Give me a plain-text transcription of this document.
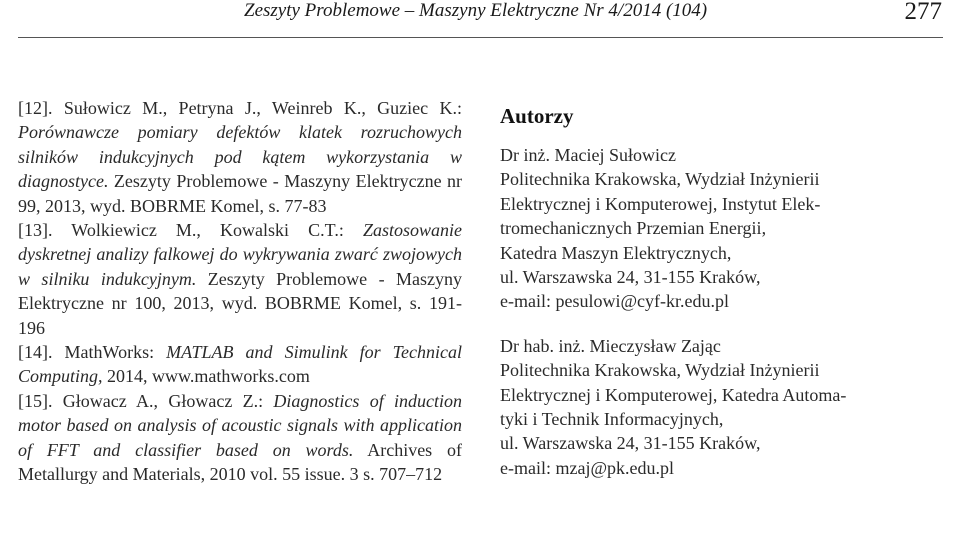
Zeszyty Problemowe – Maszyny Elektryczne Nr 4/2014 (104)	277
[12]. Sułowicz M., Petryna J., Weinreb K., Guziec K.: Porównawcze pomiary defektów klatek rozruchowych silników indukcyjnych pod kątem wykorzystania w diagnostyce. Zeszyty Problemowe - Maszyny Elektryczne nr 99, 2013, wyd. BOBRME Komel, s. 77-83
[13]. Wolkiewicz M., Kowalski C.T.: Zastosowanie dyskretnej analizy falkowej do wykrywania zwarć zwojowych w silniku indukcyjnym. Zeszyty Problemowe - Maszyny Elektryczne nr 100, 2013, wyd. BOBRME Komel, s. 191-196
[14]. MathWorks: MATLAB and Simulink for Technical Computing, 2014, www.mathworks.com
[15]. Głowacz A., Głowacz Z.: Diagnostics of induction motor based on analysis of acoustic signals with application of FFT and classifier based on words. Archives of Metallurgy and Materials, 2010 vol. 55 issue. 3 s. 707–712
Autorzy
Dr inż. Maciej Sułowicz
Politechnika Krakowska, Wydział Inżynierii
Elektrycznej i Komputerowej, Instytut Elek-
tromechanicznych Przemian Energii,
Katedra Maszyn Elektrycznych,
ul. Warszawska 24, 31-155 Kraków,
e-mail: pesulowi@cyf-kr.edu.pl
Dr hab. inż. Mieczysław Zając
Politechnika Krakowska, Wydział Inżynierii
Elektrycznej i Komputerowej, Katedra Automa-
tyki i Technik Informacyjnych,
ul. Warszawska 24, 31-155 Kraków,
e-mail: mzaj@pk.edu.pl
